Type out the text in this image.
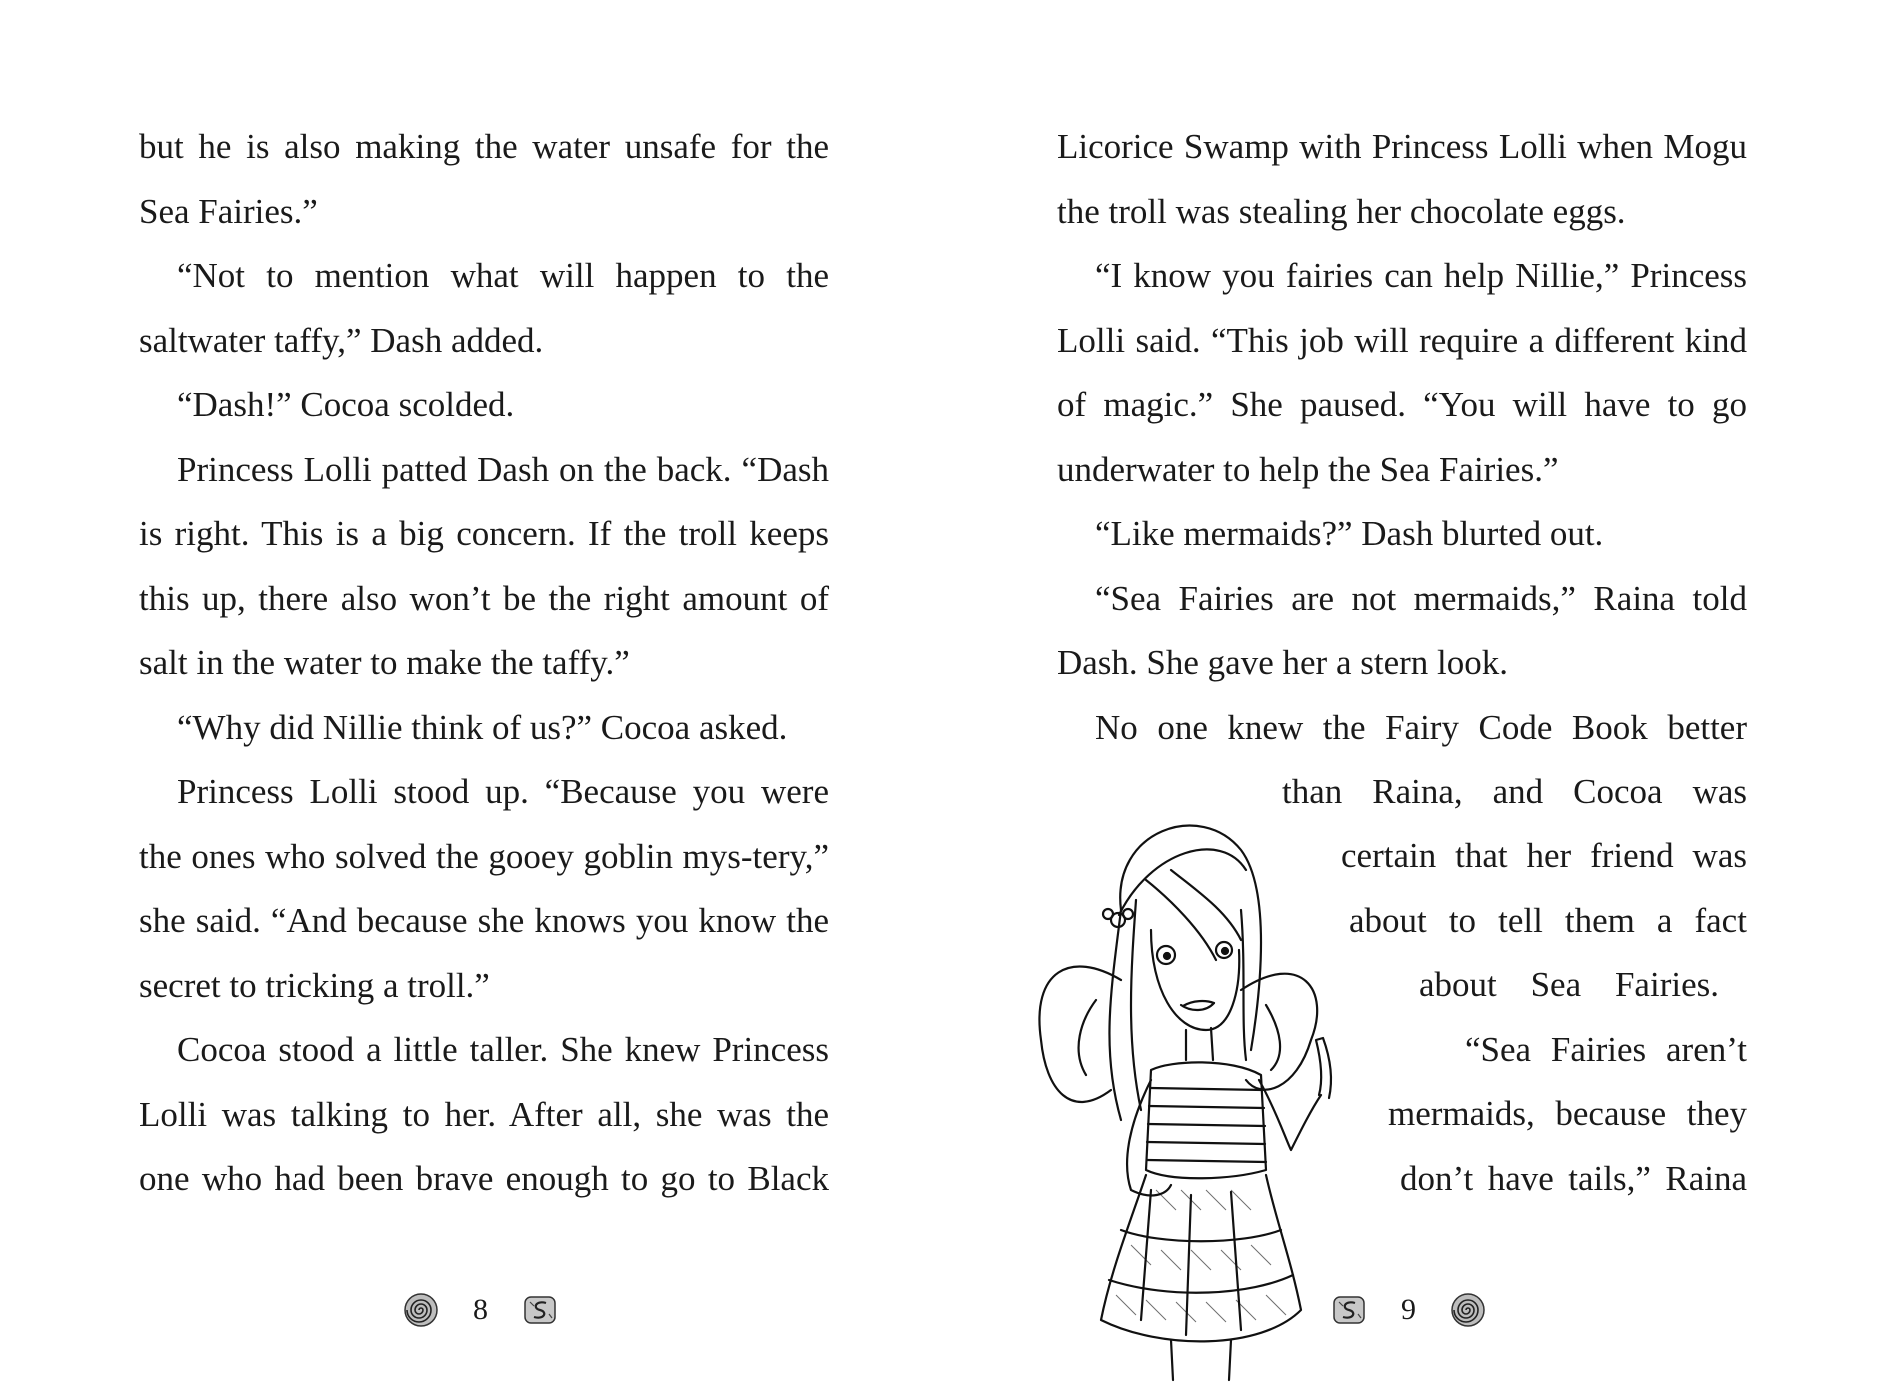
but he is also making the water unsafe for the Sea Fairies.”

“Not to mention what will happen to the saltwater taffy,” Dash added.

“Dash!” Cocoa scolded.

Princess Lolli patted Dash on the back. “Dash is right. This is a big concern. If the troll keeps this up, there also won’t be the right amount of salt in the water to make the taffy.”

“Why did Nillie think of us?” Cocoa asked.

Princess Lolli stood up. “Because you were the ones who solved the gooey goblin mys-tery,” she said. “And because she knows you know the secret to tricking a troll.”

Cocoa stood a little taller. She knew Princess Lolli was talking to her. After all, she was the one who had been brave enough to go to Black

8

Licorice Swamp with Princess Lolli when Mogu the troll was stealing her chocolate eggs.

“I know you fairies can help Nillie,” Princess Lolli said. “This job will require a different kind of magic.” She paused. “You will have to go underwater to help the Sea Fairies.”

“Like mermaids?” Dash blurted out.

“Sea Fairies are not mermaids,” Raina told Dash. She gave her a stern look.

No one knew the Fairy Code Book better

than Raina, and Cocoa was
certain that her friend was
about to tell them a fact
about Sea Fairies.
“Sea Fairies aren’t
mermaids, because they
don’t have tails,” Raina
9
